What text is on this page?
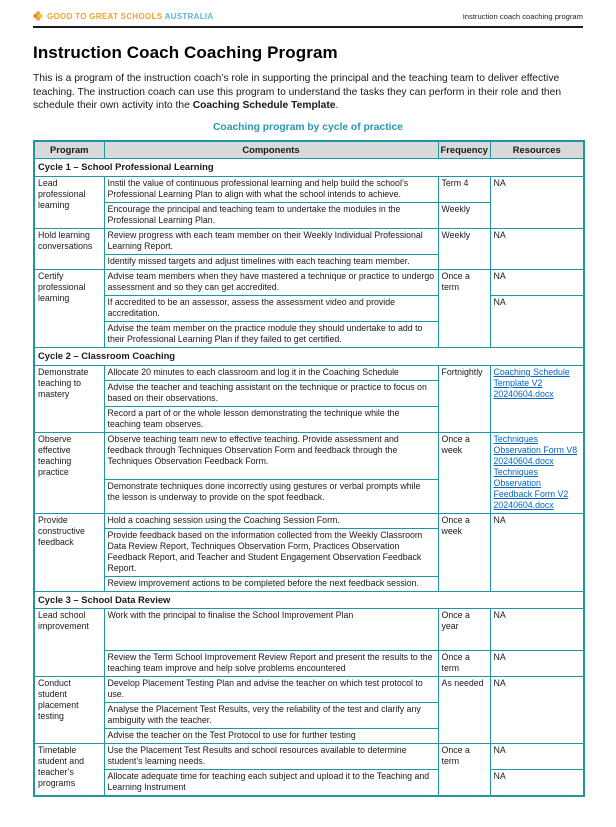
GOOD TO GREAT SCHOOLS AUSTRALIA	Instruction coach coaching program
Instruction Coach Coaching Program

This is a program of the instruction coach’s role in supporting the principal and the teaching team to deliver effective teaching. The instruction coach can use this program to understand the tasks they can perform in their role and then schedule their own activity into the Coaching Schedule Template.

Coaching program by cycle of practice
Program	Components	Frequency	Resources
Cycle 1 – School Professional Learning			
Lead professional learning	Instil the value of continuous professional learning and help build the school’s Professional Learning Plan to align with what the school intends to achieve.	Term 4	NA
	Encourage the principal and teaching team to undertake the modules in the Professional Learning Plan.	Weekly	
Hold learning conversations	Review progress with each team member on their Weekly Individual Professional Learning Report.	Weekly	NA
	Identify missed targets and adjust timelines with each teaching team member.		
Certify professional learning	Advise team members when they have mastered a technique or practice to undergo assessment and so they can get accredited.	Once a term	NA
	If accredited to be an assessor, assess the assessment video and provide accreditation.		NA
	Advise the team member on the practice module they should undertake to add to their Professional Learning Plan if they failed to get certified.		
Cycle 2 – Classroom Coaching			
Demonstrate teaching to mastery	Allocate 20 minutes to each classroom and log it in the Coaching Schedule	Fortnightly	Coaching Schedule Template V2 20240604.docx

	Advise the teacher and teaching assistant on the technique or practice to focus on based on their observations.		
	Record a part of or the whole lesson demonstrating the technique while the teaching team observes.		
Observe effective teaching practice	Observe teaching team new to effective teaching. Provide assessment and feedback through Techniques Observation Form and feedback through the Techniques Observation Feedback Form.	Once a week	Techniques Observation Form V8 20240604.docx
Techniques Observation Feedback Form V2 20240604.docx

	Demonstrate techniques done incorrectly using gestures or verbal prompts while the lesson is underway to provide on the spot feedback.		
Provide constructive feedback	Hold a coaching session using the Coaching Session Form.	Once a week	NA
	Provide feedback based on the information collected from the Weekly Classroom Data Review Report, Techniques Observation Form, Practices Observation Feedback Report, and Teacher and Student Engagement Observation Feedback Report.		
	Review improvement actions to be completed before the next feedback session.		
Cycle 3 – School Data Review			
Lead school improvement	Work with the principal to finalise the School Improvement Plan	Once a year	NA
	Review the Term School Improvement Review Report and present the results to the teaching team improve and help solve problems encountered	Once a term	NA
Conduct student placement testing	Develop Placement Testing Plan and advise the teacher on which test protocol to use.	As needed	NA
	Analyse the Placement Test Results, very the reliability of the test and clarify any ambiguity with the teacher.		
	Advise the teacher on the Test Protocol to use for further testing		
Timetable student and teacher’s programs	Use the Placement Test Results and school resources available to determine student’s learning needs.	Once a term	NA
	Allocate adequate time for teaching each subject and upload it to the Teaching and Learning Instrument		NA
